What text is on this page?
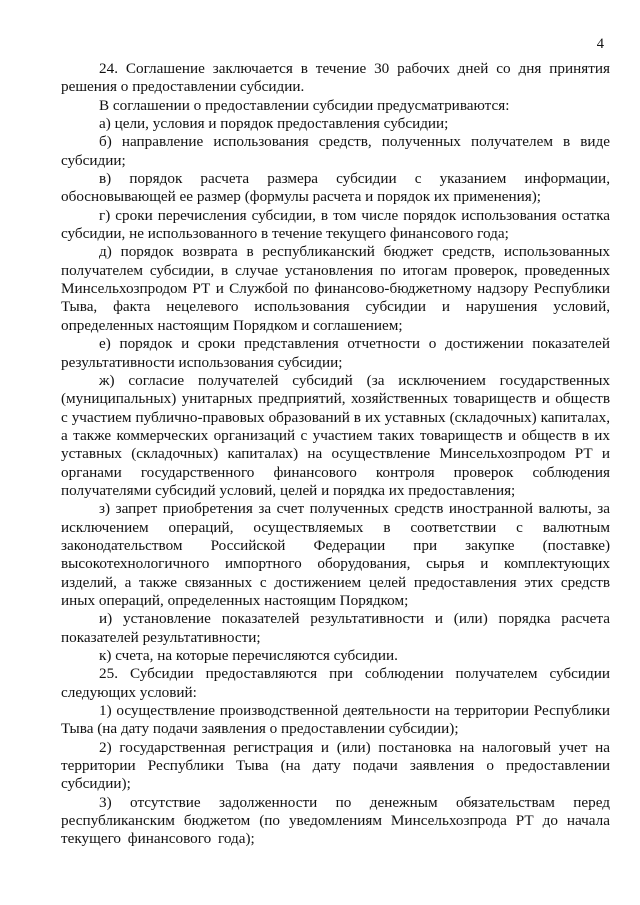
4

24. Соглашение заключается в течение 30 рабочих дней со дня принятия решения о предоставлении субсидии.

В соглашении о предоставлении субсидии предусматриваются:

а) цели, условия и порядок предоставления субсидии;

б) направление использования средств, полученных получателем в виде субсидии;

в) порядок расчета размера субсидии с указанием информации, обосновывающей ее размер (формулы расчета и порядок их применения);

г) сроки перечисления субсидии, в том числе порядок использования остатка субсидии, не использованного в течение текущего финансового года;

д) порядок возврата в республиканский бюджет средств, использованных получателем субсидии, в случае установления по итогам проверок, проведенных Минсельхозпродом РТ и Службой по финансово-бюджетному надзору Республики Тыва, факта нецелевого использования субсидии и нарушения условий, определенных настоящим Порядком и соглашением;

е) порядок и сроки представления отчетности о достижении показателей результативности использования субсидии;

ж) согласие получателей субсидий (за исключением государственных (муниципальных) унитарных предприятий, хозяйственных товариществ и обществ с участием публично-правовых образований в их уставных (складочных) капиталах, а также коммерческих организаций с участием таких товариществ и обществ в их уставных (складочных) капиталах) на осуществление Минсельхозпродом РТ и органами государственного финансового контроля проверок соблюдения получателями субсидий условий, целей и порядка их предоставления;

з) запрет приобретения за счет полученных средств иностранной валюты, за исключением операций, осуществляемых в соответствии с валютным законодательством Российской Федерации при закупке (поставке) высокотехнологичного импортного оборудования, сырья и комплектующих изделий, а также связанных с достижением целей предоставления этих средств иных операций, определенных настоящим Порядком;

и) установление показателей результативности и (или) порядка расчета показателей результативности;

к) счета, на которые перечисляются субсидии.

25. Субсидии предоставляются при соблюдении получателем субсидии следующих условий:

1) осуществление производственной деятельности на территории Республики Тыва (на дату подачи заявления о предоставлении субсидии);

2) государственная регистрация и (или) постановка на налоговый учет на территории Республики Тыва (на дату подачи заявления о предоставлении субсидии);

3) отсутствие задолженности по денежным обязательствам перед республиканским бюджетом (по уведомлениям Минсельхозпрода РТ до начала текущего финансового года);
